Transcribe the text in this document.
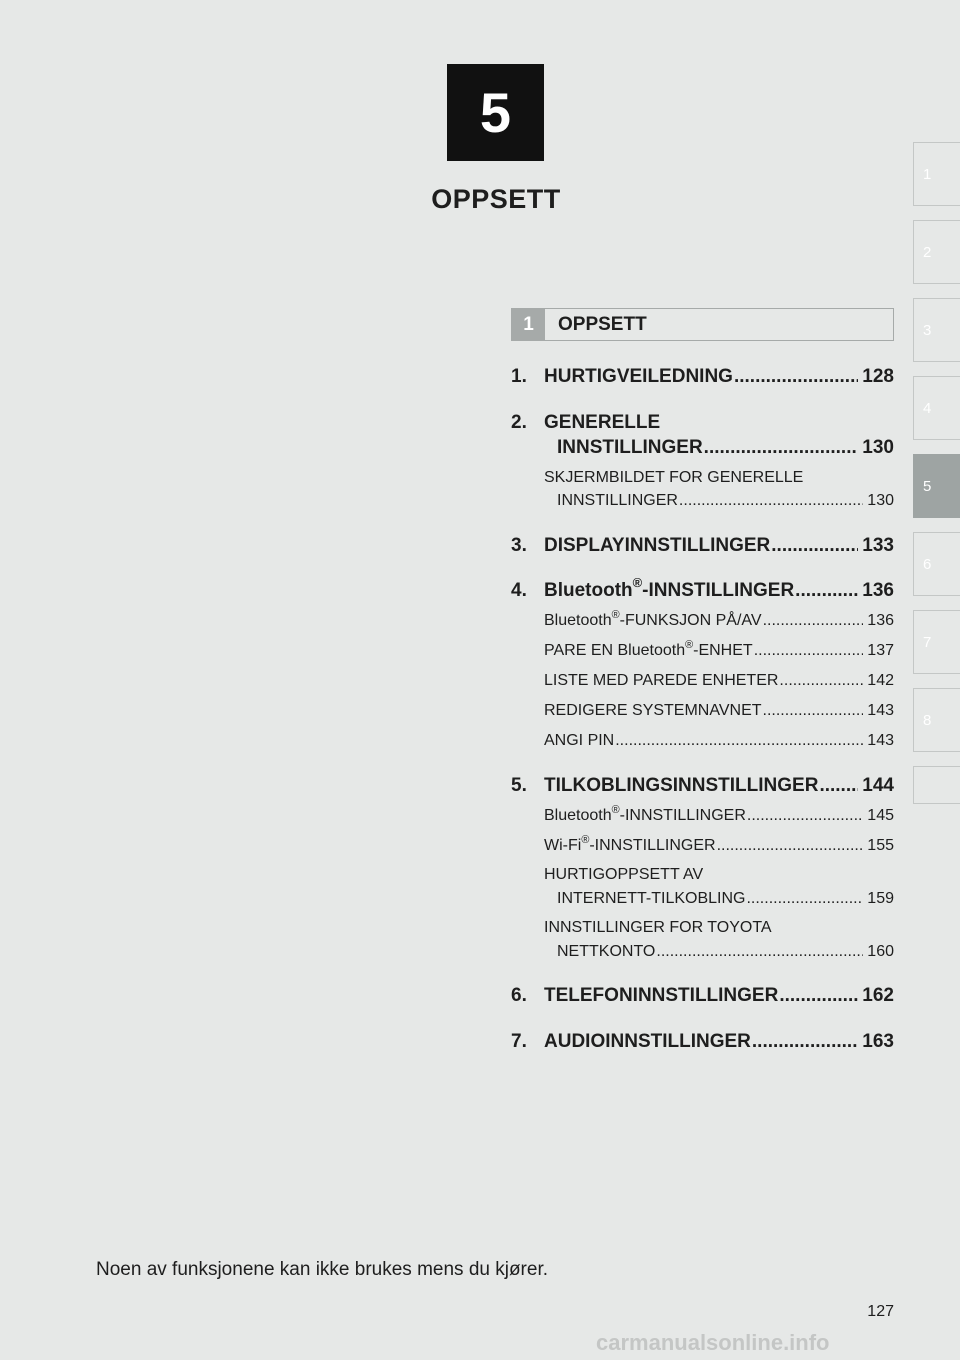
5
OPPSETT
1
2
3
4
5
6
7
8
1	OPPSETT
1. HURTIGVEILEDNING .....	128
2. GENERELLE
INNSTILLINGER .....	130
SKJERMBILDET FOR GENERELLE
INNSTILLINGER .....	130
3. DISPLAYINNSTILLINGER .....	133
4. Bluetooth®-INNSTILLINGER .....	136
Bluetooth®-FUNKSJON PÅ/AV .....	136
PARE EN Bluetooth®-ENHET .....	137
LISTE MED PAREDE ENHETER .....	142
REDIGERE SYSTEMNAVNET .....	143
ANGI PIN .....	143
5. TILKOBLINGSINNSTILLINGER ..... 144
Bluetooth®-INNSTILLINGER .....	145
Wi-Fi®-INNSTILLINGER .....	155
HURTIGOPPSETT AV
INTERNETT-TILKOBLING .....	159
INNSTILLINGER FOR TOYOTA
NETTKONTO .....	160
6. TELEFONINNSTILLINGER .....	162
7. AUDIOINNSTILLINGER .....	163
Noen av funksjonene kan ikke brukes mens du kjører.
127
carmanualsonline.info
